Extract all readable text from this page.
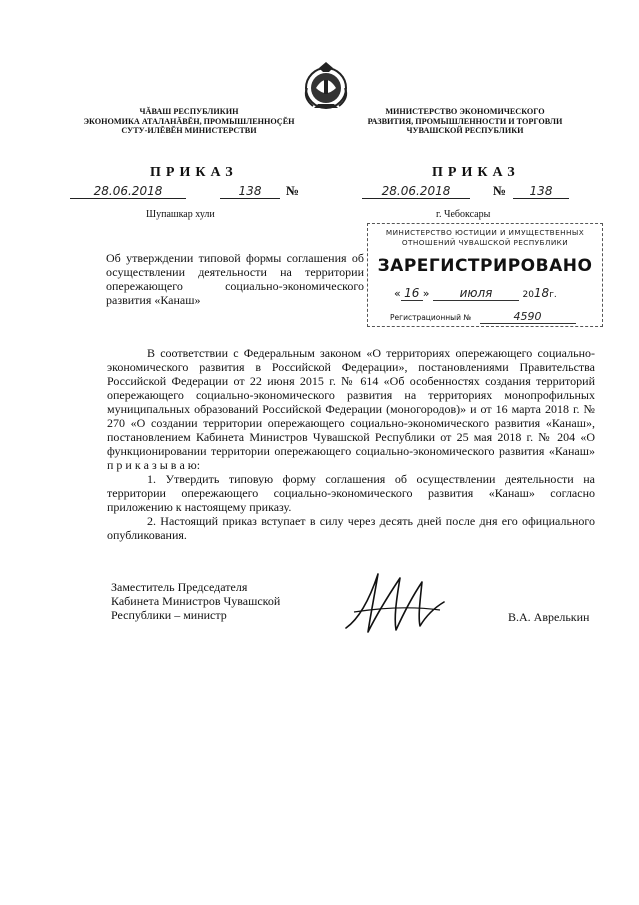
ЧĂВАШ РЕСПУБЛИКИН
ЭКОНОМИКА АТАЛАНĂВĔН, ПРОМЫШЛЕННОÇĔН
СУТУ-ИЛĔВĔН МИНИСТЕРСТВИ
МИНИСТЕРСТВО ЭКОНОМИЧЕСКОГО
РАЗВИТИЯ, ПРОМЫШЛЕННОСТИ И ТОРГОВЛИ
ЧУВАШСКОЙ РЕСПУБЛИКИ
ПРИКАЗ	ПРИКАЗ
28.06.2018	138	№	28.06.2018	№	138
Шупашкар хули	г. Чебоксары
Об утверждении типовой формы соглашения об осуществлении деятельности на территории опережающего социально-экономического развития «Канаш»
МИНИСТЕРСТВО ЮСТИЦИИ И ИМУЩЕСТВЕННЫХ
ОТНОШЕНИЙ ЧУВАШСКОЙ РЕСПУБЛИКИ
ЗАРЕГИСТРИРОВАНО
« 16 »	июля	2018г.
Регистрационный №	4590

В соответствии с Федеральным законом «О территориях опережающего социально-экономического развития в Российской Федерации», постановлениями Правительства Российской Федерации от 22 июня 2015 г. № 614 «Об особенностях создания территорий опережающего социально-экономического развития на территориях монопрофильных муниципальных образований Российской Федерации (моногородов)» и от 16 марта 2018 г. № 270 «О создании территории опережающего социально-экономического развития «Канаш», постановлением Кабинета Министров Чувашской Республики от 25 мая 2018 г. № 204 «О функционировании территории опережающего социально-экономического развития «Канаш» п р и к а з ы в а ю:

1. Утвердить типовую форму соглашения об осуществлении деятельности на территории опережающего социально-экономического развития «Канаш» согласно приложению к настоящему приказу.

2. Настоящий приказ вступает в силу через десять дней после дня его официального опубликования.

Заместитель Председателя
Кабинета Министров Чувашской
Республики – министр	В.А. Аврелькин
